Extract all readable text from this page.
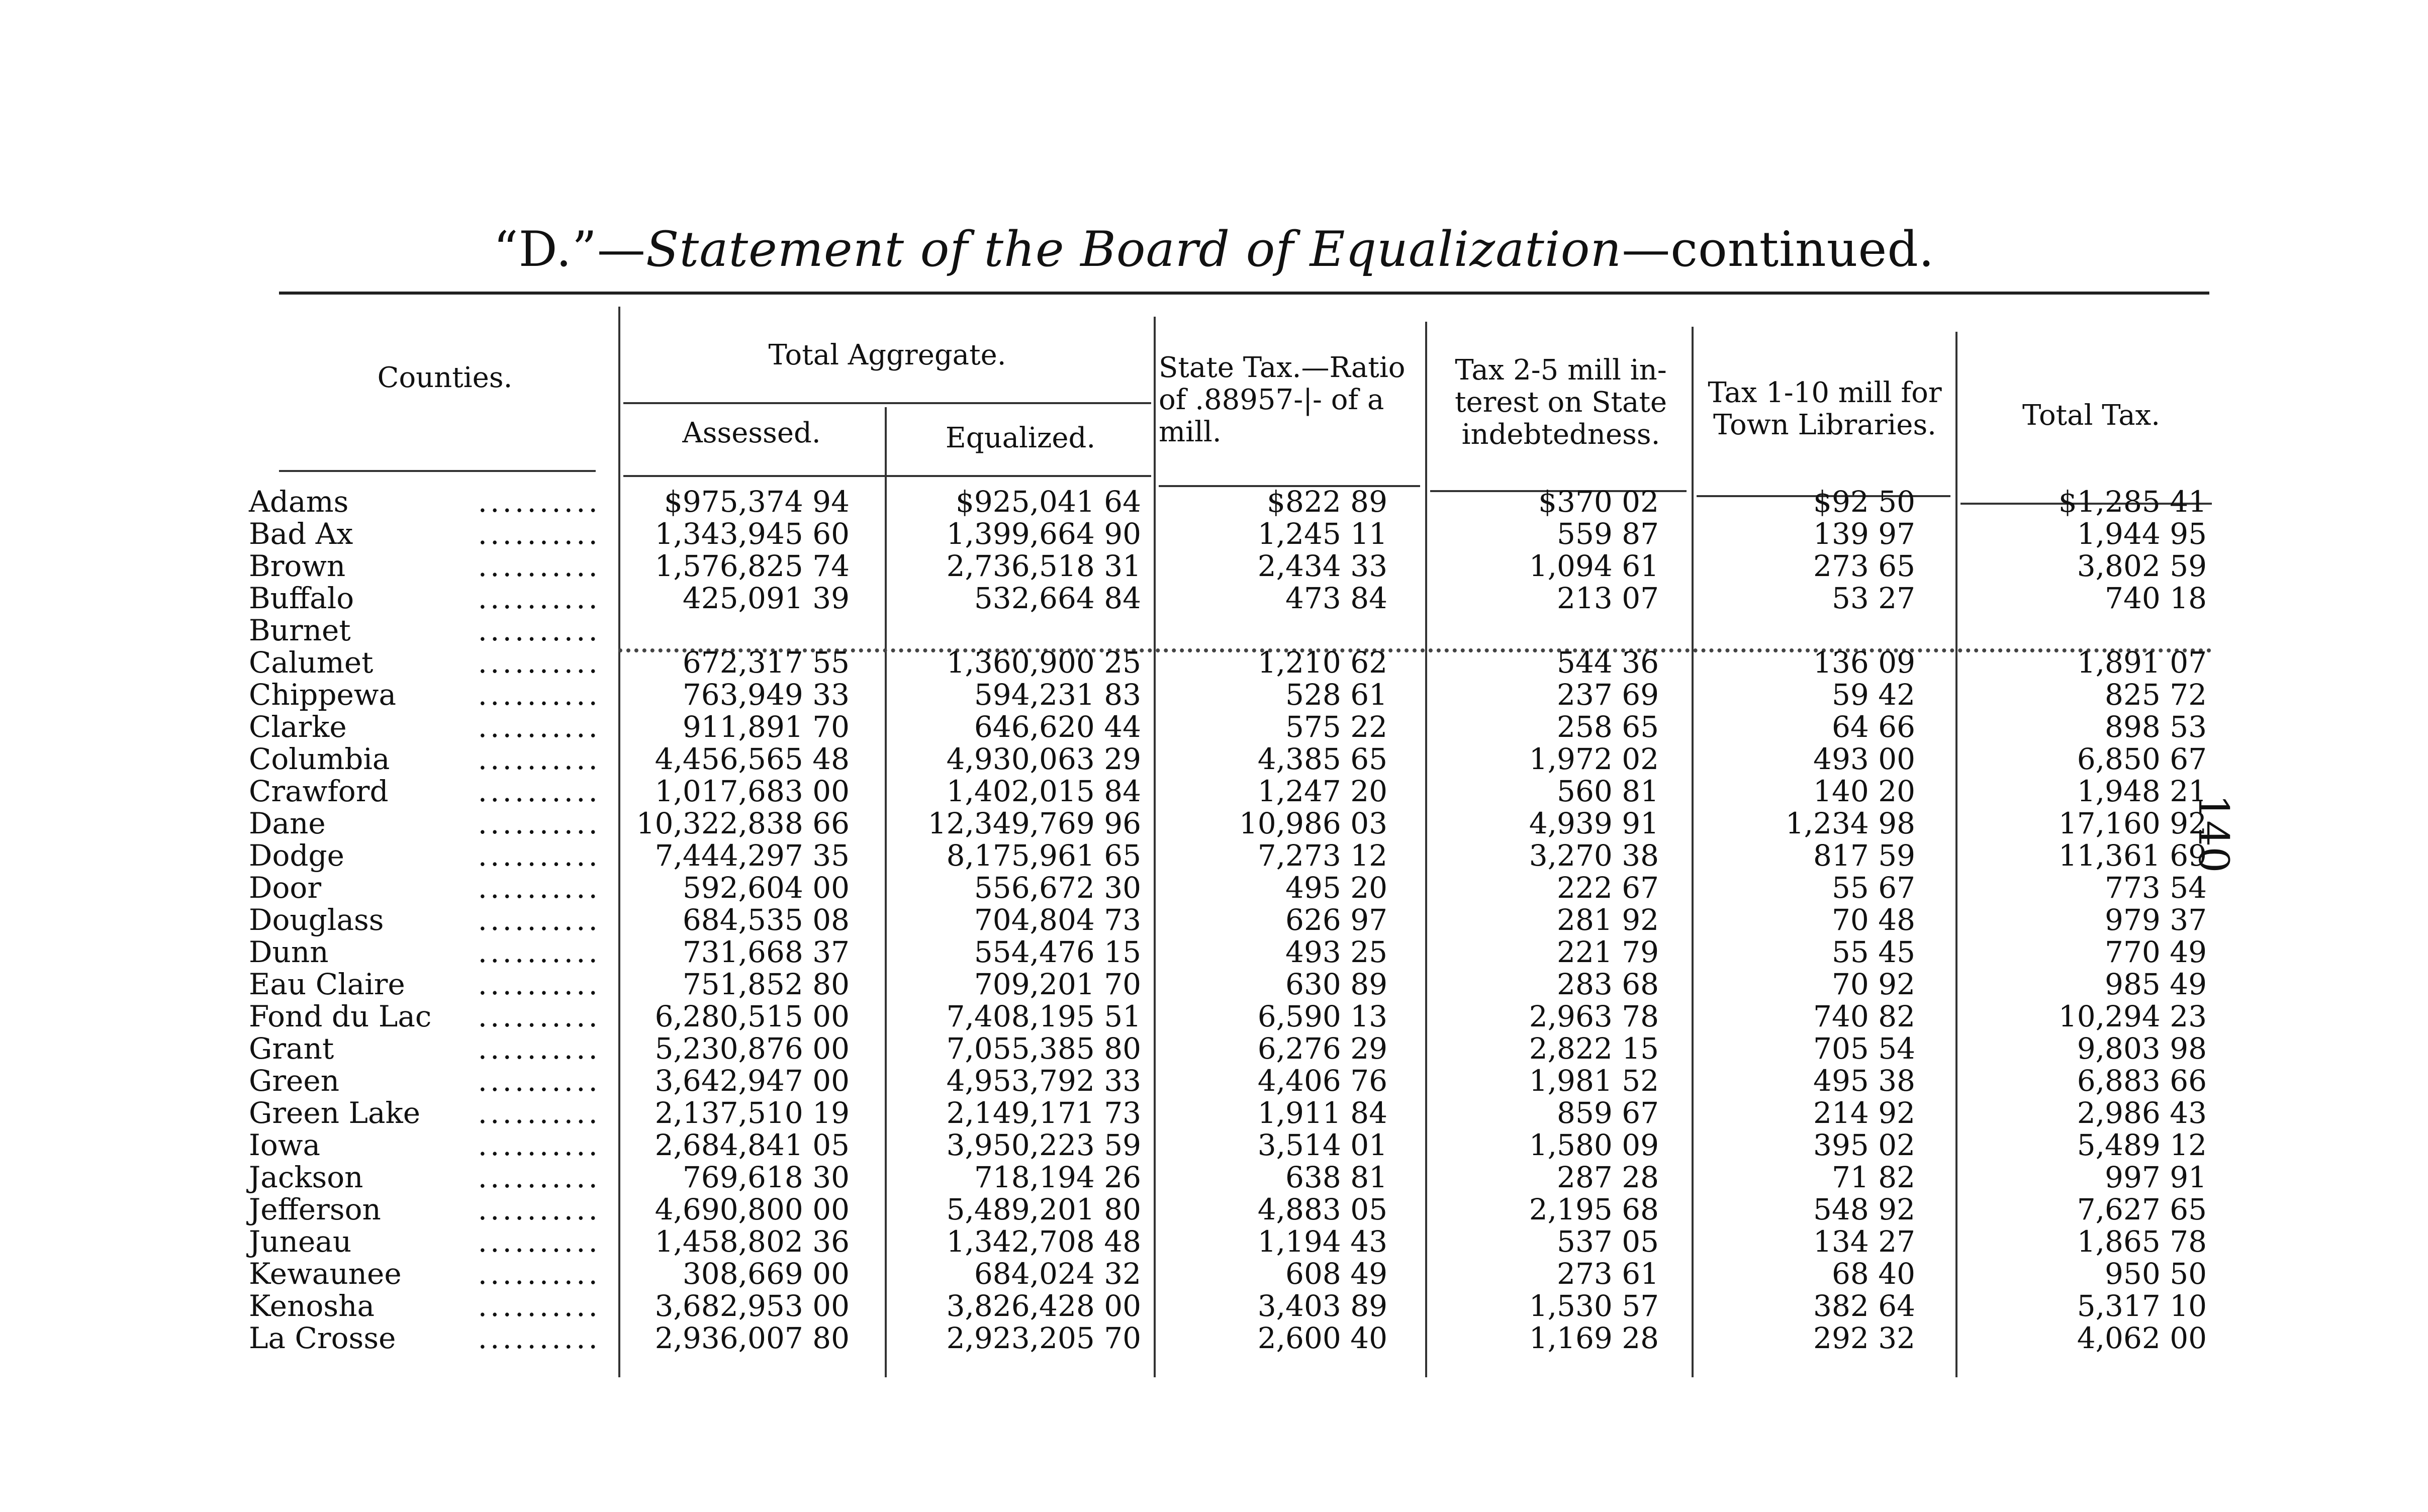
“D.”—Statement of the Board of Equalization—continued.
Counties.
Total Aggregate.
Assessed.	Equalized.
State Tax.—Ratio
of .88957-|- of a
mill.
Tax 2-5 mill in-
terest on State
indebtedness.
Tax 1-10 mill for
Town Libraries.	Total Tax.
Adams	..........	$975,374 94	$925,041 64	$822 89	$370 02	$92 50	$1,285 41
Bad Ax	..........	1,343,945 60	1,399,664 90	1,245 11	559 87	139 97	1,944 95
Brown	..........	1,576,825 74	2,736,518 31	2,434 33	1,094 61	273 65	3,802 59
Buffalo	..........	425,091 39	532,664 84	473 84	213 07	53 27	740 18
Burnet	..........
Calumet	..........	672,317 55	1,360,900 25	1,210 62	544 36	136 09	1,891 07
Chippewa	..........	763,949 33	594,231 83	528 61	237 69	59 42	825 72
Clarke	..........	911,891 70	646,620 44	575 22	258 65	64 66	898 53
Columbia	..........	4,456,565 48	4,930,063 29	4,385 65	1,972 02	493 00	6,850 67
Crawford	..........	1,017,683 00	1,402,015 84	1,247 20	560 81	140 20	1,948 21
Dane	..........	10,322,838 66	12,349,769 96	10,986 03	4,939 91	1,234 98	17,160 92
Dodge	..........	7,444,297 35	8,175,961 65	7,273 12	3,270 38	817 59	11,361 69
Door	..........	592,604 00	556,672 30	495 20	222 67	55 67	773 54
Douglass	..........	684,535 08	704,804 73	626 97	281 92	70 48	979 37
Dunn	..........	731,668 37	554,476 15	493 25	221 79	55 45	770 49
Eau Claire ..........	751,852 80	709,201 70	630 89	283 68	70 92	985 49
Fond du Lac ..........	6,280,515 00	7,408,195 51	6,590 13	2,963 78	740 82	10,294 23
Grant	..........	5,230,876 00	7,055,385 80	6,276 29	2,822 15	705 54	9,803 98
Green	..........	3,642,947 00	4,953,792 33	4,406 76	1,981 52	495 38	6,883 66
Green Lake ..........	2,137,510 19	2,149,171 73	1,911 84	859 67	214 92	2,986 43
Iowa	..........	2,684,841 05	3,950,223 59	3,514 01	1,580 09	395 02	5,489 12
Jackson	..........	769,618 30	718,194 26	638 81	287 28	71 82	997 91
Jefferson	..........	4,690,800 00	5,489,201 80	4,883 05	2,195 68	548 92	7,627 65
Juneau	..........	1,458,802 36	1,342,708 48	1,194 43	537 05	134 27	1,865 78
Kewaunee	..........	308,669 00	684,024 32	608 49	273 61	68 40	950 50
Kenosha	..........	3,682,953 00	3,826,428 00	3,403 89	1,530 57	382 64	5,317 10
La Crosse	..........	2,936,007 80	2,923,205 70	2,600 40	1,169 28	292 32	4,062 00
140
